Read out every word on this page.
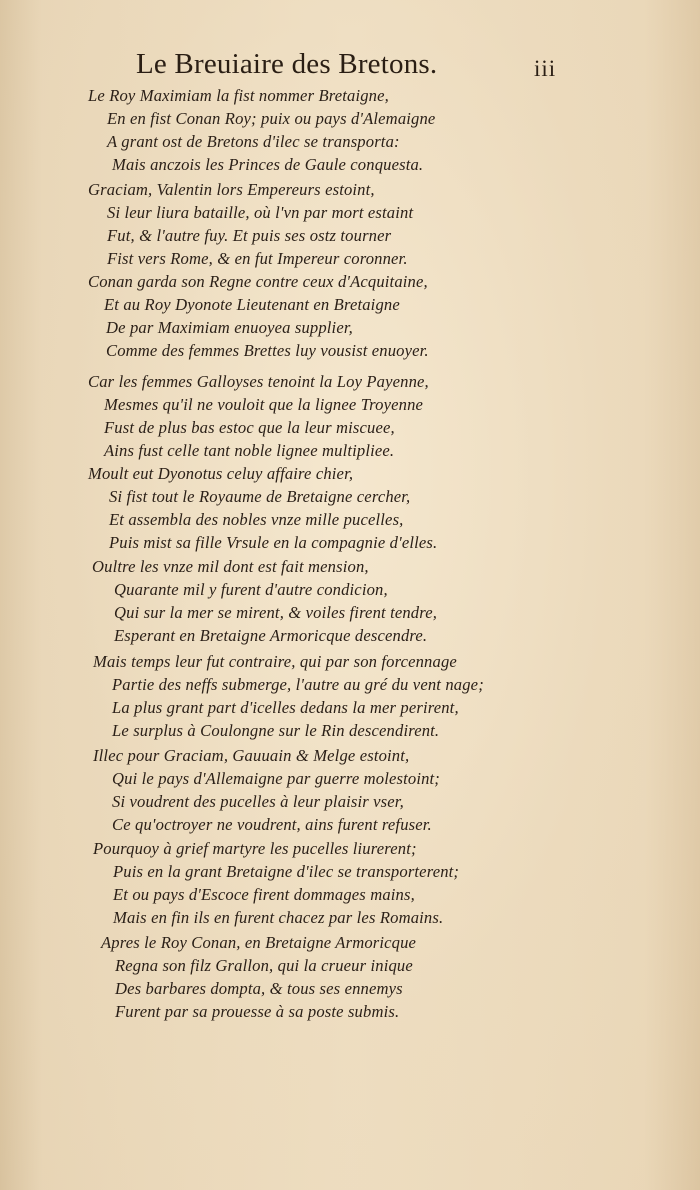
Le Breuiaire des Bretons.	iii
Le Roy Maximiam la fist nommer Bretaigne,
En en fist Conan Roy; puix ou pays d'Alemaigne
A grant ost de Bretons d'ilec se transporta:
Mais anczois les Princes de Gaule conquesta.
Graciam, Valentin lors Empereurs estoint,
Si leur liura bataille, où l'vn par mort estaint
Fut, & l'autre fuy. Et puis ses ostz tourner
Fist vers Rome, & en fut Impereur coronner.
Conan garda son Regne contre ceux d'Acquitaine,
Et au Roy Dyonote Lieutenant en Bretaigne
De par Maximiam enuoyea supplier,
Comme des femmes Brettes luy vousist enuoyer.
Car les femmes Galloyses tenoint la Loy Payenne,
Mesmes qu'il ne vouloit que la lignee Troyenne
Fust de plus bas estoc que la leur miscuee,
Ains fust celle tant noble lignee multipliee.
Moult eut Dyonotus celuy affaire chier,
Si fist tout le Royaume de Bretaigne cercher,
Et assembla des nobles vnze mille pucelles,
Puis mist sa fille Vrsule en la compagnie d'elles.
Oultre les vnze mil dont est fait mension,
Quarante mil y furent d'autre condicion,
Qui sur la mer se mirent, & voiles firent tendre,
Esperant en Bretaigne Armoricque descendre.
Mais temps leur fut contraire, qui par son forcennage
Partie des neffs submerge, l'autre au gré du vent nage;
La plus grant part d'icelles dedans la mer perirent,
Le surplus à Coulongne sur le Rin descendirent.
Illec pour Graciam, Gauuain & Melge estoint,
Qui le pays d'Allemaigne par guerre molestoint;
Si voudrent des pucelles à leur plaisir vser,
Ce qu'octroyer ne voudrent, ains furent refuser.
Pourquoy à grief martyre les pucelles liurerent;
Puis en la grant Bretaigne d'ilec se transporterent;
Et ou pays d'Escoce firent dommages mains,
Mais en fin ils en furent chacez par les Romains.
Apres le Roy Conan, en Bretaigne Armoricque
Regna son filz Grallon, qui la crueur inique
Des barbares dompta, & tous ses ennemys
Furent par sa prouesse à sa poste submis.
